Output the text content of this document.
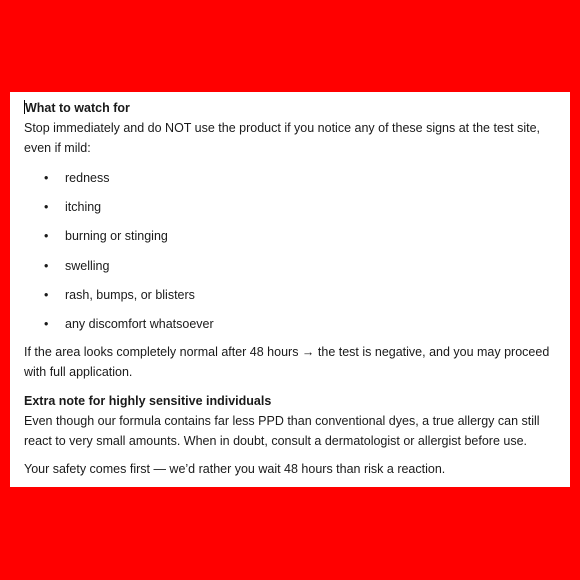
What to watch for

Stop immediately and do NOT use the product if you notice any of these signs at the test site, even if mild:

• redness
• itching
• burning or stinging
• swelling
• rash, bumps, or blisters
• any discomfort whatsoever

If the area looks completely normal after 48 hours → the test is negative, and you may proceed with full application.

Extra note for highly sensitive individuals

Even though our formula contains far less PPD than conventional dyes, a true allergy can still react to very small amounts. When in doubt, consult a dermatologist or allergist before use.

Your safety comes first — we’d rather you wait 48 hours than risk a reaction.
